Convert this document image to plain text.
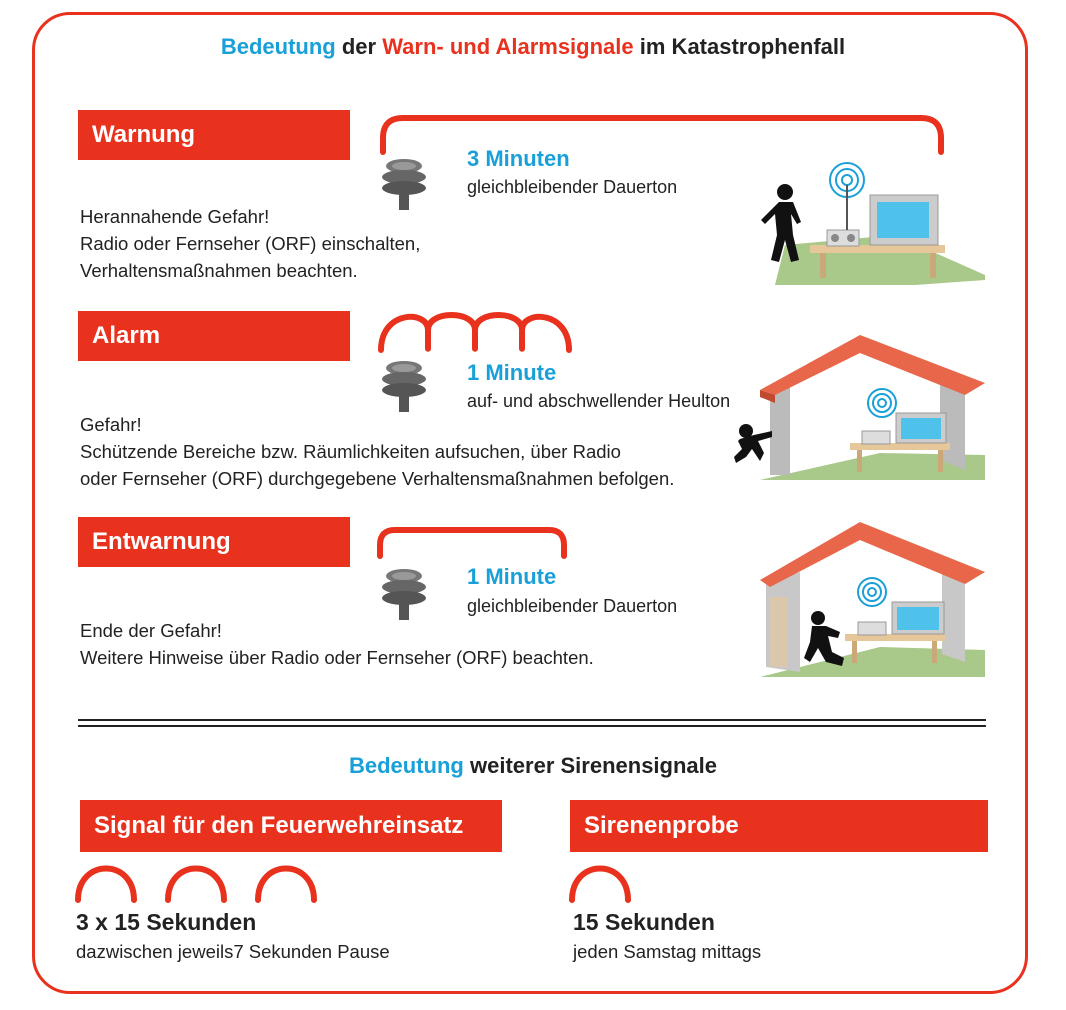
Bedeutung der Warn- und Alarmsignale im Katastrophenfall
Warnung
3 Minuten
gleichbleibender Dauerton
Herannahende Gefahr!
Radio oder Fernseher (ORF) einschalten,
Verhaltensmaßnahmen beachten.
Alarm
1 Minute
auf- und abschwellender Heulton
Gefahr!
Schützende Bereiche bzw. Räumlichkeiten aufsuchen, über Radio
oder Fernseher (ORF) durchgegebene Verhaltensmaßnahmen befolgen.
Entwarnung
1 Minute
gleichbleibender Dauerton
Ende der Gefahr!
Weitere Hinweise über Radio oder Fernseher (ORF) beachten.
Bedeutung weiterer Sirenensignale
Signal für den Feuerwehreinsatz
3 x 15 Sekunden
dazwischen jeweils7 Sekunden Pause
Sirenenprobe
15 Sekunden
jeden Samstag mittags
